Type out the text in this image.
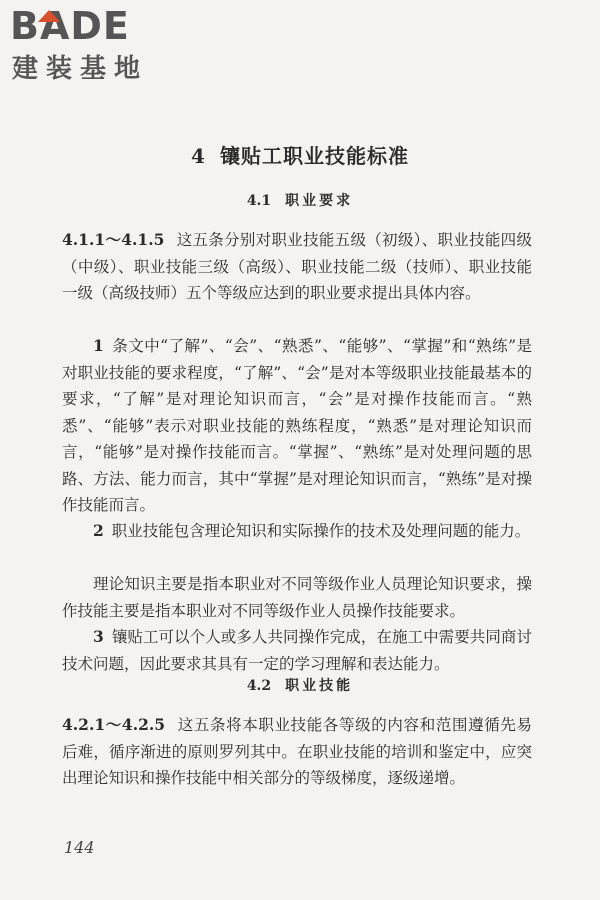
BADE
建装基地
4 镶贴工职业技能标准
4.1 职业要求

4.1.1～4.1.5 这五条分别对职业技能五级（初级）、职业技能四级（中级）、职业技能三级（高级）、职业技能二级（技师）、职业技能一级（高级技师）五个等级应达到的职业要求提出具体内容。

1 条文中“了解”、“会”、“熟悉”、“能够”、“掌握”和“熟练”是对职业技能的要求程度，“了解”、“会”是对本等级职业技能最基本的要求，“了解”是对理论知识而言，“会”是对操作技能而言。“熟悉”、“能够”表示对职业技能的熟练程度，“熟悉”是对理论知识而言，“能够”是对操作技能而言。“掌握”、“熟练”是对处理问题的思路、方法、能力而言，其中“掌握”是对理论知识而言，“熟练”是对操作技能而言。

2 职业技能包含理论知识和实际操作的技术及处理问题的能力。

理论知识主要是指本职业对不同等级作业人员理论知识要求，操作技能主要是指本职业对不同等级作业人员操作技能要求。

3 镶贴工可以个人或多人共同操作完成，在施工中需要共同商讨技术问题，因此要求其具有一定的学习理解和表达能力。

4.2 职业技能

4.2.1～4.2.5 这五条将本职业技能各等级的内容和范围遵循先易后难，循序渐进的原则罗列其中。在职业技能的培训和鉴定中，应突出理论知识和操作技能中相关部分的等级梯度，逐级递增。

144
